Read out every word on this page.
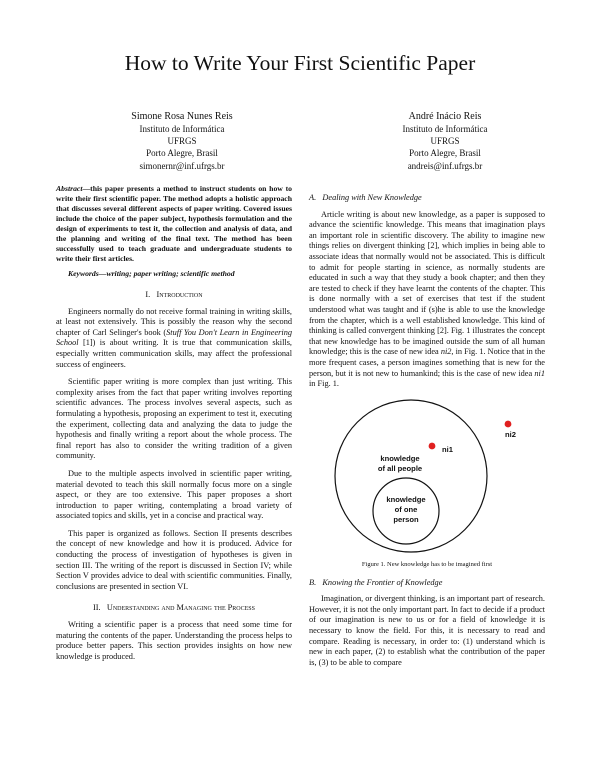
How to Write Your First Scientific Paper
Simone Rosa Nunes Reis
Instituto de Informática
UFRGS
Porto Alegre, Brasil
simonernr@inf.ufrgs.br
André Inácio Reis
Instituto de Informática
UFRGS
Porto Alegre, Brasil
andreis@inf.ufrgs.br

Abstract—this paper presents a method to instruct students on how to write their first scientific paper. The method adopts a holistic approach that discusses several different aspects of paper writing. Covered issues include the choice of the paper subject, hypothesis formulation and the design of experiments to test it, the collection and analysis of data, and the planning and writing of the final text. The method has been successfully used to teach graduate and undergraduate students to write their first articles.

Keywords—writing; paper writing; scientific method

I. Introduction

Engineers normally do not receive formal training in writing skills, at least not extensively. This is possibly the reason why the second chapter of Carl Selinger's book (Stuff You Don't Learn in Engineering School [1]) is about writing. It is true that communication skills, especially written communication skills, may affect the professional success of engineers.

Scientific paper writing is more complex than just writing. This complexity arises from the fact that paper writing involves reporting scientific advances. The process involves several aspects, such as formulating a hypothesis, proposing an experiment to test it, executing the experiment, collecting data and analyzing the data to judge the hypothesis and finally writing a report about the whole process. The final report has also to consider the writing tradition of a given community.

Due to the multiple aspects involved in scientific paper writing, material devoted to teach this skill normally focus more on a single aspect, or they are too extensive. This paper proposes a short introduction to paper writing, contemplating a broad variety of associated topics and skills, yet in a concise and practical way.

This paper is organized as follows. Section II presents describes the concept of new knowledge and how it is produced. Advice for conducting the process of investigation of hypotheses is given in section III. The writing of the report is discussed in Section IV; while Section V provides advice to deal with scientific communities. Finally, conclusions are presented in section VI.

II. Understanding and Managing the Process

Writing a scientific paper is a process that need some time for maturing the contents of the paper. Understanding the process helps to produce better papers. This section provides insights on how new knowledge is produced.

A. Dealing with New Knowledge

Article writing is about new knowledge, as a paper is supposed to advance the scientific knowledge. This means that imagination plays an important role in scientific discovery. The ability to imagine new things relies on divergent thinking [2], which implies in being able to associate ideas that normally would not be associated. This is difficult to admit for people starting in science, as normally students are educated in such a way that they study a book chapter; and then they are tested to check if they have learnt the contents of the chapter. This is done normally with a set of exercises that test if the student understood what was taught and if (s)he is able to use the knowledge from the chapter, which is a well established knowledge. This kind of thinking is called convergent thinking [2]. Fig. 1 illustrates the concept that new knowledge has to be imagined outside the sum of all human knowledge; this is the case of new idea ni2, in Fig. 1. Notice that in the more frequent cases, a person imagines something that is new for the person, but it is not new to humankind; this is the case of new idea ni1 in Fig. 1.

ni1
ni2
knowledge
of all people
knowledge
of one
person
Figure 1. New knowledge has to be imagined first
B. Knowing the Frontier of Knowledge

Imagination, or divergent thinking, is an important part of research. However, it is not the only important part. In fact to decide if a product of our imagination is new to us or for a field of knowledge it is necessary to know the field. For this, it is necessary to read and compare. Reading is necessary, in order to: (1) understand which is new in each paper, (2) to establish what the contribution of the paper is, (3) to be able to compare
